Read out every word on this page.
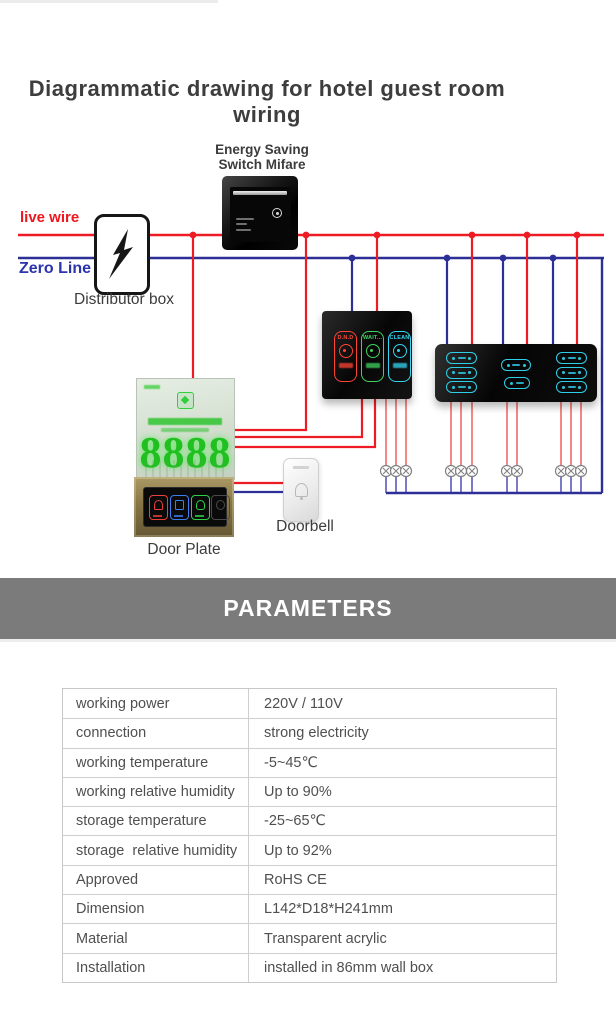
Diagrammatic drawing for hotel guest room wiring
live wire
Zero Line
Distributor box
Energy Saving
Switch Mifare
D.N.D	WAIT... CLEAN
8888
Door Plate
Doorbell
PARAMETERS
working power	220V / 110V
connection	strong electricity
working temperature	-5~45℃
working relative humidity	Up to 90%
storage temperature	-25~65℃
storage  relative humidity	Up to 92%
Approved	RoHS CE
Dimension	L142*D18*H241mm
Material	Transparent acrylic
Installation	installed in 86mm wall box
